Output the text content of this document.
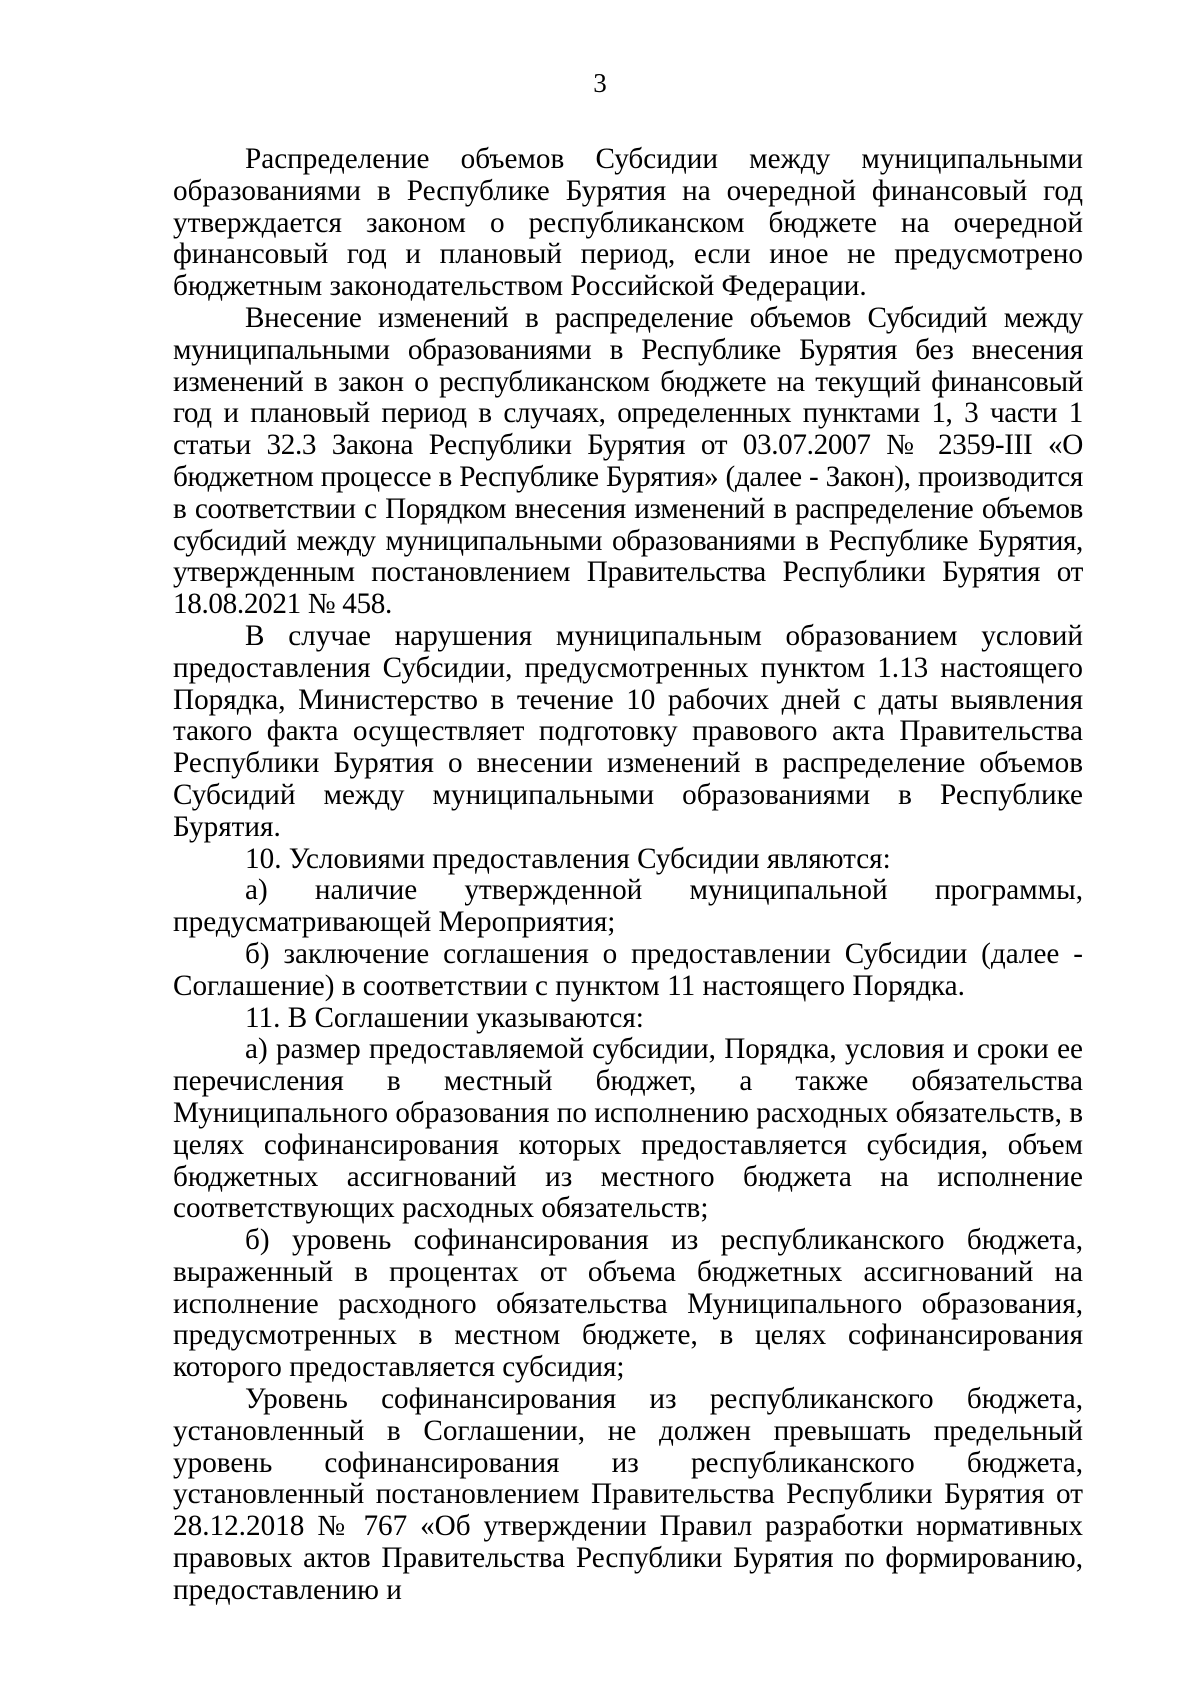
3

Распределение объемов Субсидии между муниципальными образованиями в Республике Бурятия на очередной финансовый год утверждается законом о республиканском бюджете на очередной финансовый год и плановый период, если иное не предусмотрено бюджетным законодательством Российской Федерации.

Внесение изменений в распределение объемов Субсидий между муниципальными образованиями в Республике Бурятия без внесения изменений в закон о республиканском бюджете на текущий финансовый год и плановый период в случаях, определенных пунктами 1, 3 части 1 статьи 32.3 Закона Республики Бурятия от 03.07.2007 № 2359-III «О бюджетном процессе в Республике Бурятия» (далее - Закон), производится в соответствии с Порядком внесения изменений в распределение объемов субсидий между муниципальными образованиями в Республике Бурятия, утвержденным постановлением Правительства Республики Бурятия от 18.08.2021 № 458.

В случае нарушения муниципальным образованием условий предоставления Субсидии, предусмотренных пунктом 1.13 настоящего Порядка, Министерство в течение 10 рабочих дней с даты выявления такого факта осуществляет подготовку правового акта Правительства Республики Бурятия о внесении изменений в распределение объемов Субсидий между муниципальными образованиями в Республике Бурятия.

10. Условиями предоставления Субсидии являются:

а) наличие утвержденной муниципальной программы, предусматривающей Мероприятия;

б) заключение соглашения о предоставлении Субсидии (далее - Соглашение) в соответствии с пунктом 11 настоящего Порядка.

11. В Соглашении указываются:

а) размер предоставляемой субсидии, Порядка, условия и сроки ее перечисления в местный бюджет, а также обязательства Муниципального образования по исполнению расходных обязательств, в целях софинансирования которых предоставляется субсидия, объем бюджетных ассигнований из местного бюджета на исполнение соответствующих расходных обязательств;

б) уровень софинансирования из республиканского бюджета, выраженный в процентах от объема бюджетных ассигнований на исполнение расходного обязательства Муниципального образования, предусмотренных в местном бюджете, в целях софинансирования которого предоставляется субсидия;

Уровень софинансирования из республиканского бюджета, установленный в Соглашении, не должен превышать предельный уровень софинансирования из республиканского бюджета, установленный постановлением Правительства Республики Бурятия от 28.12.2018 № 767 «Об утверждении Правил разработки нормативных правовых актов Правительства Республики Бурятия по формированию, предоставлению и
